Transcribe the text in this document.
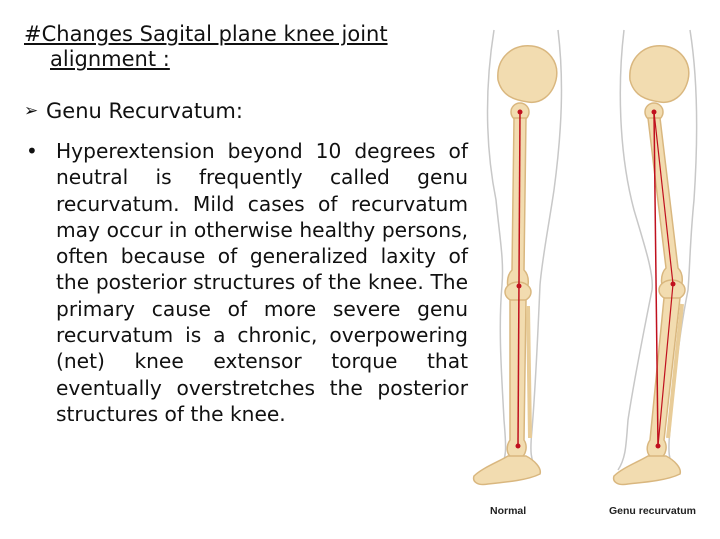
#Changes Sagital plane knee joint
alignment :
➢ Genu Recurvatum:
• Hyperextension beyond 10 degrees of neutral is frequently called genu recurvatum. Mild cases of recurvatum may occur in otherwise healthy persons, often because of generalized laxity of the posterior structures of the knee. The primary cause of more severe genu recurvatum is a chronic, overpowering (net) knee extensor torque that eventually overstretches the posterior structures of the knee.
Normal	Genu recurvatum
